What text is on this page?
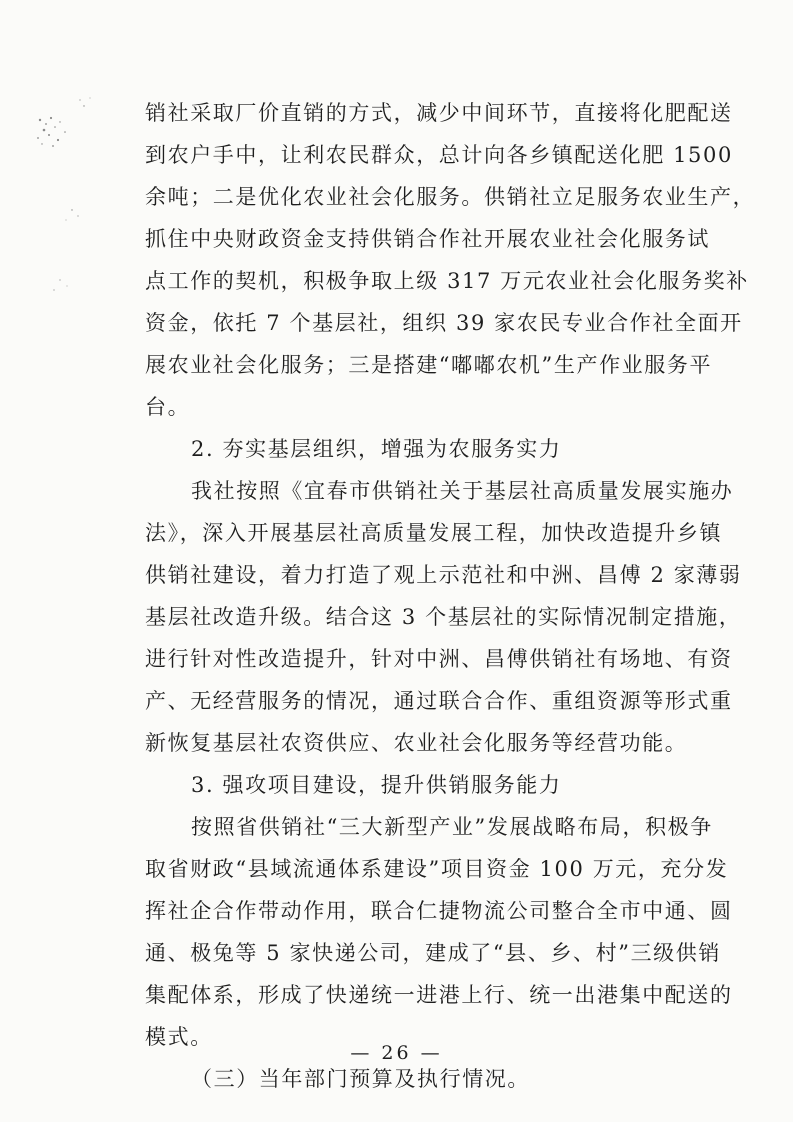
销社采取厂价直销的方式，减少中间环节，直接将化肥配送
到农户手中，让利农民群众，总计向各乡镇配送化肥 1500
余吨；二是优化农业社会化服务。供销社立足服务农业生产，
抓住中央财政资金支持供销合作社开展农业社会化服务试
点工作的契机，积极争取上级 317 万元农业社会化服务奖补
资金，依托 7 个基层社，组织 39 家农民专业合作社全面开
展农业社会化服务；三是搭建“嘟嘟农机”生产作业服务平
台。
2. 夯实基层组织，增强为农服务实力
我社按照《宜春市供销社关于基层社高质量发展实施办
法》，深入开展基层社高质量发展工程，加快改造提升乡镇
供销社建设，着力打造了观上示范社和中洲、昌傅 2 家薄弱
基层社改造升级。结合这 3 个基层社的实际情况制定措施，
进行针对性改造提升，针对中洲、昌傅供销社有场地、有资
产、无经营服务的情况，通过联合合作、重组资源等形式重
新恢复基层社农资供应、农业社会化服务等经营功能。
3. 强攻项目建设，提升供销服务能力
按照省供销社“三大新型产业”发展战略布局，积极争
取省财政“县域流通体系建设”项目资金 100 万元，充分发
挥社企合作带动作用，联合仁捷物流公司整合全市中通、圆
通、极兔等 5 家快递公司，建成了“县、乡、村”三级供销
集配体系，形成了快递统一进港上行、统一出港集中配送的
模式。
（三）当年部门预算及执行情况。
— 26 —
